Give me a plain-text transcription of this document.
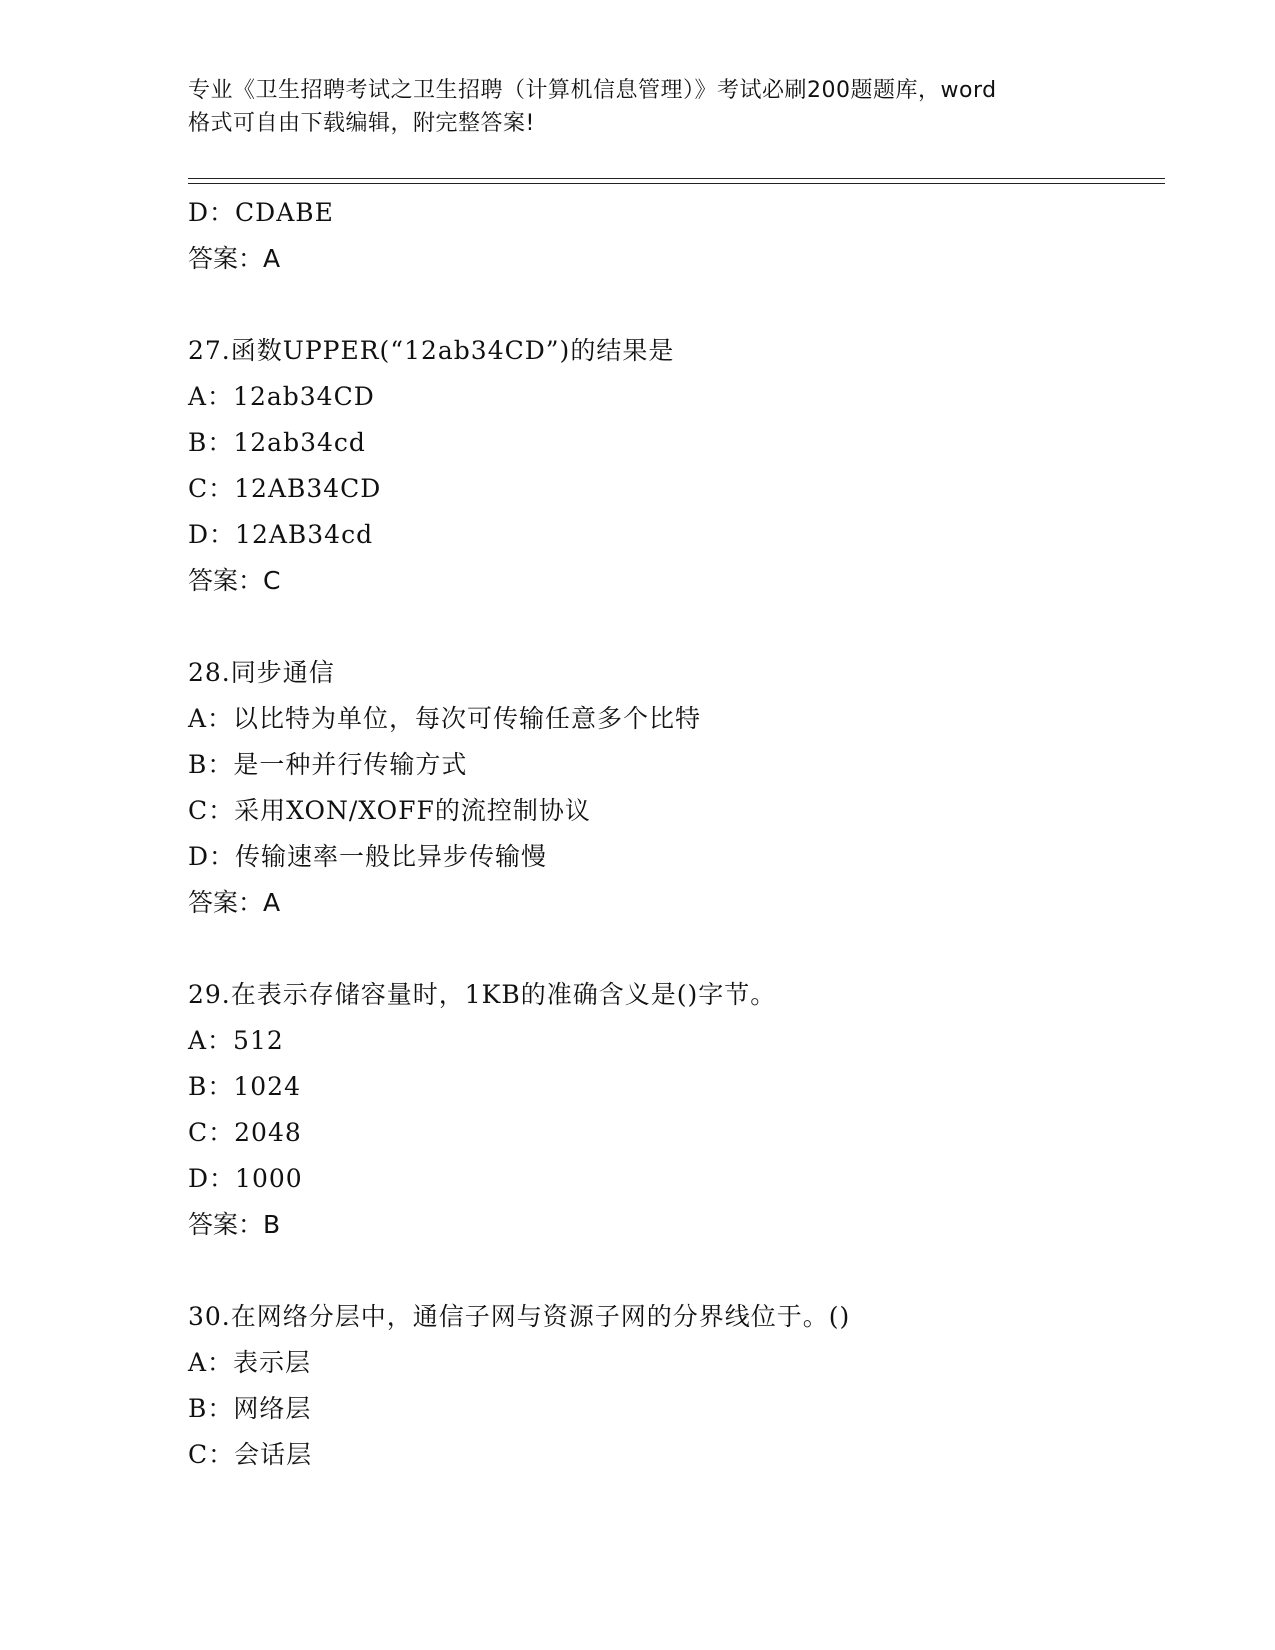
专业《卫生招聘考试之卫生招聘（计算机信息管理）》考试必刷200题题库，word
格式可自由下载编辑，附完整答案!
D：CDABE
答案：A
27.函数UPPER(“12ab34CD”)的结果是
A：12ab34CD
B：12ab34cd
C：12AB34CD
D：12AB34cd
答案：C
28.同步通信
A：以比特为单位，每次可传输任意多个比特
B：是一种并行传输方式
C：采用XON/XOFF的流控制协议
D：传输速率一般比异步传输慢
答案：A
29.在表示存储容量时，1KB的准确含义是()字节。
A：512
B：1024
C：2048
D：1000
答案：B
30.在网络分层中，通信子网与资源子网的分界线位于。()
A：表示层
B：网络层
C：会话层
